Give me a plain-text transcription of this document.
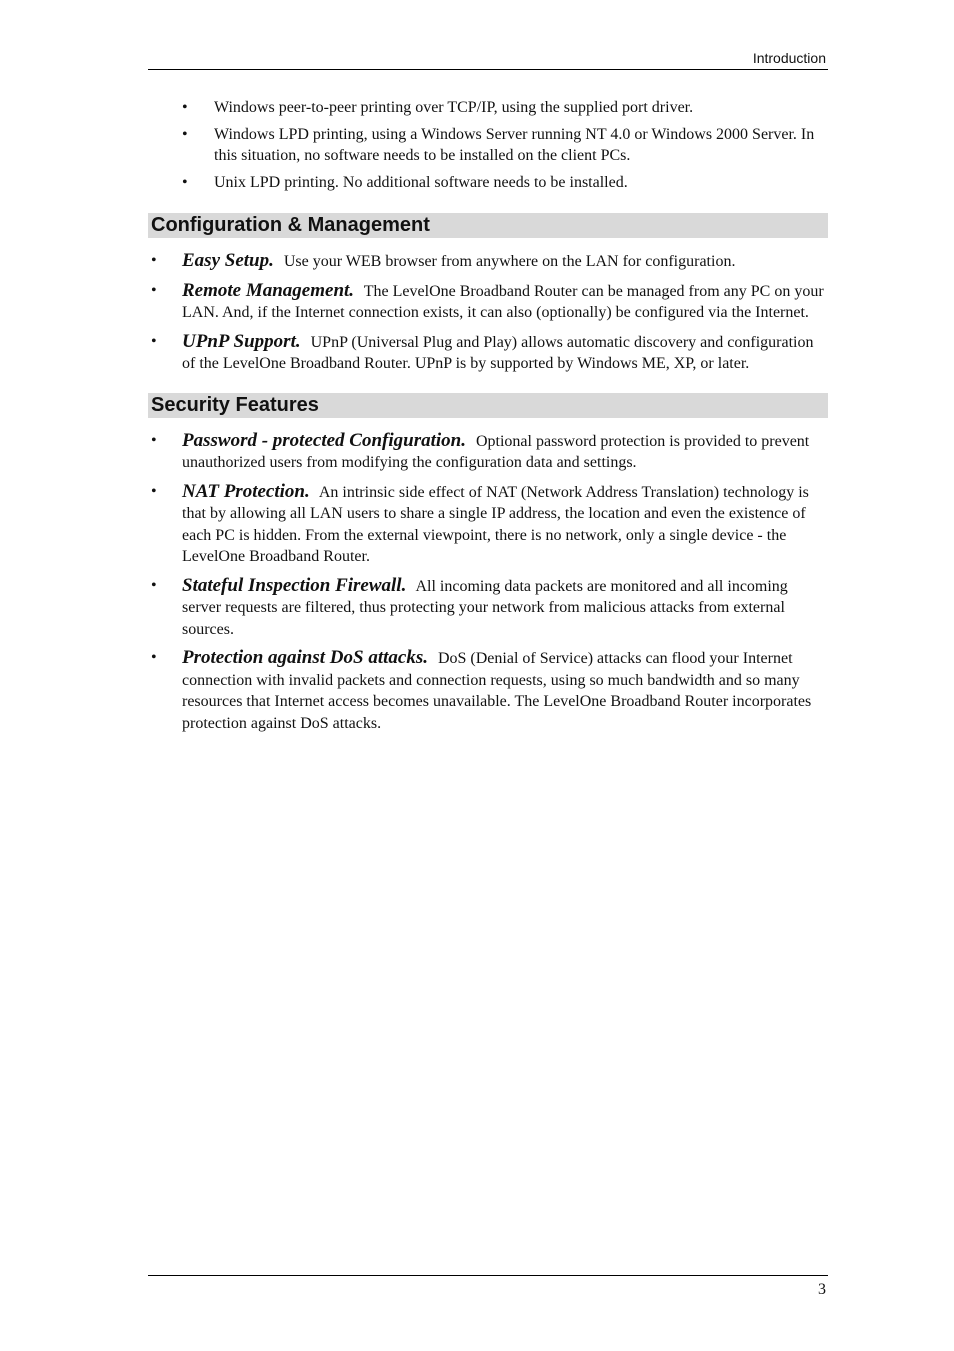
Introduction
• Windows peer-to-peer printing over TCP/IP, using the supplied port driver.
• Windows LPD printing, using a Windows Server running NT 4.0 or Windows 2000 Server. In this situation, no software needs to be installed on the client PCs.
• Unix LPD printing. No additional software needs to be installed.
Configuration & Management
• Easy Setup. Use your WEB browser from anywhere on the LAN for configuration.
• Remote Management. The LevelOne Broadband Router can be managed from any PC on your LAN. And, if the Internet connection exists, it can also (optionally) be configured via the Internet.
• UPnP Support. UPnP (Universal Plug and Play) allows automatic discovery and configuration of the LevelOne Broadband Router. UPnP is by supported by Windows ME, XP, or later.
Security Features
• Password - protected Configuration. Optional password protection is provided to prevent unauthorized users from modifying the configuration data and settings.
• NAT Protection. An intrinsic side effect of NAT (Network Address Translation) technology is that by allowing all LAN users to share a single IP address, the location and even the existence of each PC is hidden. From the external viewpoint, there is no network, only a single device - the LevelOne Broadband Router.
• Stateful Inspection Firewall. All incoming data packets are monitored and all incoming server requests are filtered, thus protecting your network from malicious attacks from external sources.
• Protection against DoS attacks. DoS (Denial of Service) attacks can flood your Internet connection with invalid packets and connection requests, using so much bandwidth and so many resources that Internet access becomes unavailable. The LevelOne Broadband Router incorporates protection against DoS attacks.
3
